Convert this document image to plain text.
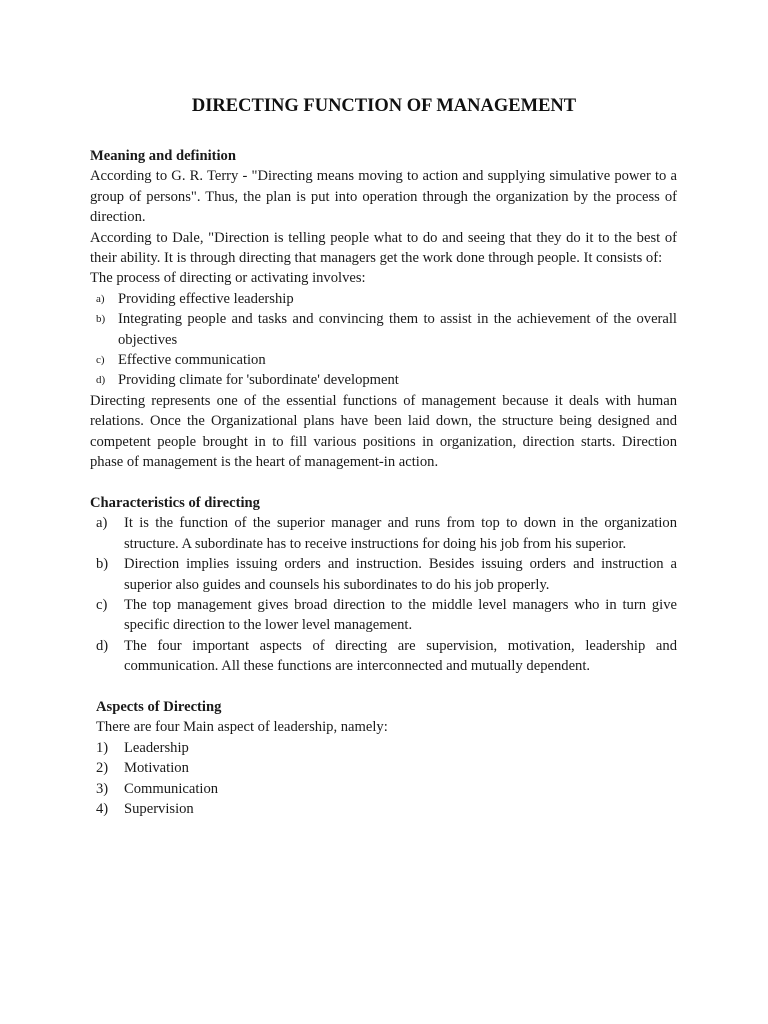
DIRECTING FUNCTION OF MANAGEMENT

Meaning and definition

According to G. R. Terry - "Directing means moving to action and supplying simulative power to a group of persons". Thus, the plan is put into operation through the organization by the process of direction.

According to Dale, "Direction is telling people what to do and seeing that they do it to the best of their ability. It is through directing that managers get the work done through people. It consists of:

The process of directing or activating involves:

a) Providing effective leadership
b) Integrating people and tasks and convincing them to assist in the achievement of the overall objectives
c) Effective communication
d) Providing climate for 'subordinate' development

Directing represents one of the essential functions of management because it deals with human relations. Once the Organizational plans have been laid down, the structure being designed and competent people brought in to fill various positions in organization, direction starts. Direction phase of management is the heart of management-in action.

Characteristics of directing

a)	It is the function of the superior manager and runs from top to down in the organization structure. A subordinate has to receive instructions for doing his job from his superior.
b)	Direction implies issuing orders and instruction. Besides issuing orders and instruction a superior also guides and counsels his subordinates to do his job properly.
c)	The top management gives broad direction to the middle level managers who in turn give specific direction to the lower level management.
d)	The four important aspects of directing are supervision, motivation, leadership and communication. All these functions are interconnected and mutually dependent.

Aspects of Directing

There are four Main aspect of leadership, namely:

1)	Leadership
2)	Motivation
3)	Communication
4)	Supervision
